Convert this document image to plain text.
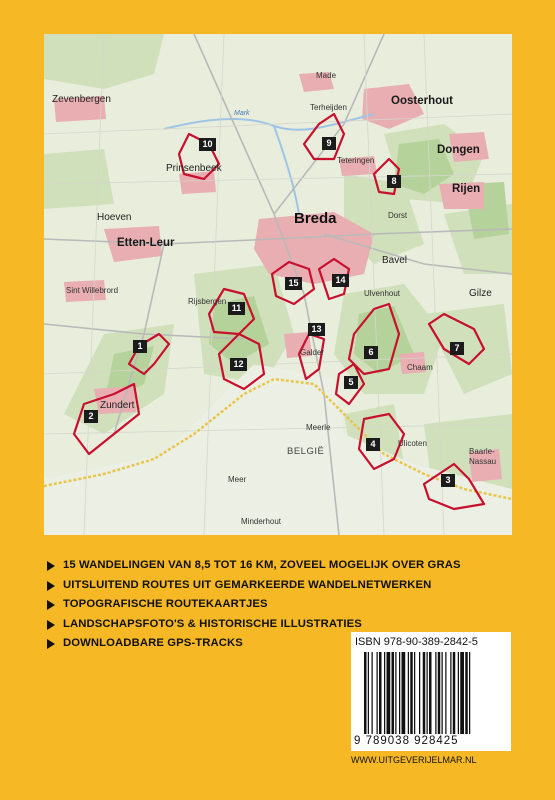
Made
Zevenbergen	Oosterhout
Terheijden
Dongen
Teteringen
Prinsenbeek
Rijen
Dorst
Hoeven	Breda
Etten-Leur
Bavel
Sint Willebrord	Ulvenhout	Gilze
Rijsbergen
Galder
Chaam
Zundert
Meerle
Ulicoten
Baarle-
Nassau
Meer
Minderhout
BELGIË
Mark
1
2
3
4
5
6	7
8
9
10
11
12
13
14
15
15 WANDELINGEN VAN 8,5 TOT 16 KM, ZOVEEL MOGELIJK OVER GRAS
UITSLUITEND ROUTES UIT GEMARKEERDE WANDELNETWERKEN
TOPOGRAFISCHE ROUTEKAARTJES
LANDSCHAPSFOTO'S & HISTORISCHE ILLUSTRATIES
DOWNLOADBARE GPS-TRACKS	ISBN 978-90-389-2842-5
9 789038 928425
WWW.UITGEVERIJELMAR.NL
